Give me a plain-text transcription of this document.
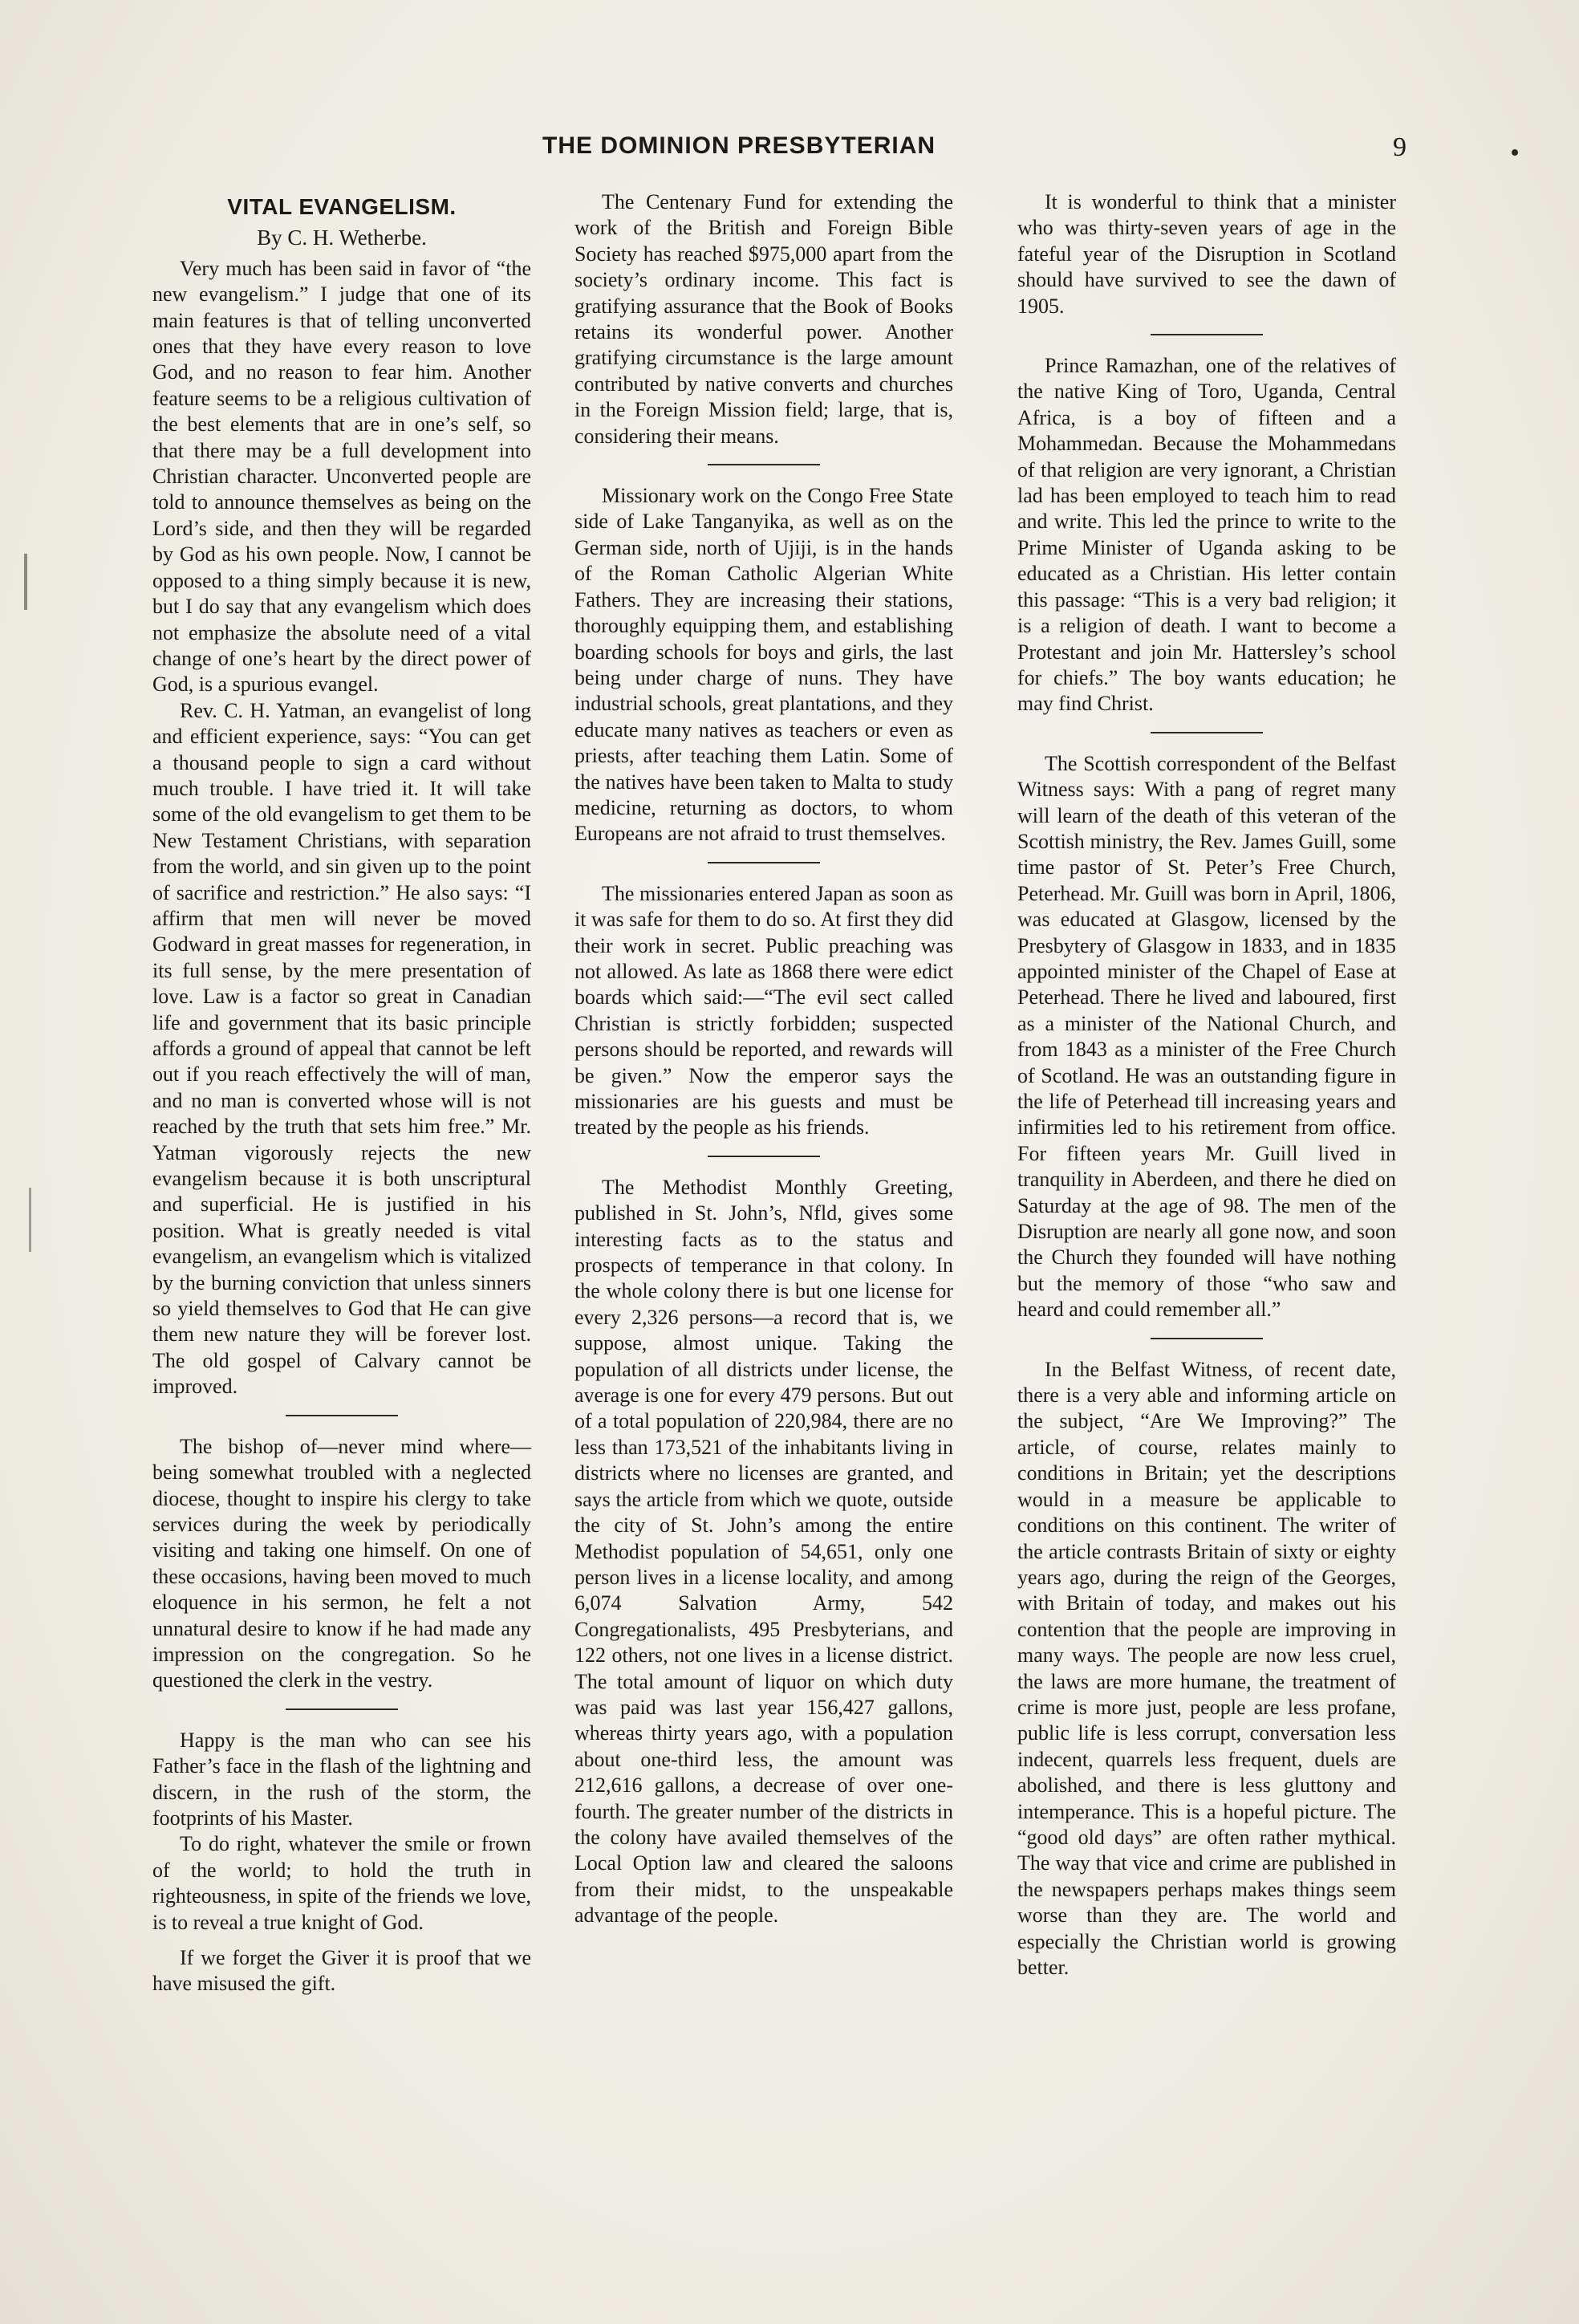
THE DOMINION PRESBYTERIAN	9

VITAL EVANGELISM.

By C. H. Wetherbe.

Very much has been said in favor of “the new evangelism.” I judge that one of its main features is that of telling unconverted ones that they have every reason to love God, and no reason to fear him. Another feature seems to be a religious cultivation of the best elements that are in one’s self, so that there may be a full development into Christian character. Unconverted people are told to announce themselves as being on the Lord’s side, and then they will be regarded by God as his own people. Now, I cannot be opposed to a thing simply because it is new, but I do say that any evangelism which does not emphasize the absolute need of a vital change of one’s heart by the direct power of God, is a spurious evangel.

Rev. C. H. Yatman, an evangelist of long and efficient experience, says: “You can get a thousand people to sign a card without much trouble. I have tried it. It will take some of the old evangelism to get them to be New Testament Christians, with separation from the world, and sin given up to the point of sacrifice and restriction.” He also says: “I affirm that men will never be moved Godward in great masses for regeneration, in its full sense, by the mere presentation of love. Law is a factor so great in Canadian life and government that its basic principle affords a ground of appeal that cannot be left out if you reach effectively the will of man, and no man is converted whose will is not reached by the truth that sets him free.” Mr. Yatman vigorously rejects the new evangelism because it is both unscriptural and superficial. He is justified in his position. What is greatly needed is vital evangelism, an evangelism which is vitalized by the burning conviction that unless sinners so yield themselves to God that He can give them new nature they will be forever lost. The old gospel of Calvary cannot be improved.

The bishop of—never mind where—being somewhat troubled with a neglected diocese, thought to inspire his clergy to take services during the week by periodically visiting and taking one himself. On one of these occasions, having been moved to much eloquence in his sermon, he felt a not unnatural desire to know if he had made any impression on the congregation. So he questioned the clerk in the vestry.

Happy is the man who can see his Father’s face in the flash of the lightning and discern, in the rush of the storm, the footprints of his Master.

To do right, whatever the smile or frown of the world; to hold the truth in righteousness, in spite of the friends we love, is to reveal a true knight of God.

If we forget the Giver it is proof that we have misused the gift.

The Centenary Fund for extending the work of the British and Foreign Bible Society has reached $975,000 apart from the society’s ordinary income. This fact is gratifying assurance that the Book of Books retains its wonderful power. Another gratifying circumstance is the large amount contributed by native converts and churches in the Foreign Mission field; large, that is, considering their means.

Missionary work on the Congo Free State side of Lake Tanganyika, as well as on the German side, north of Ujiji, is in the hands of the Roman Catholic Algerian White Fathers. They are increasing their stations, thoroughly equipping them, and establishing boarding schools for boys and girls, the last being under charge of nuns. They have industrial schools, great plantations, and they educate many natives as teachers or even as priests, after teaching them Latin. Some of the natives have been taken to Malta to study medicine, returning as doctors, to whom Europeans are not afraid to trust themselves.

The missionaries entered Japan as soon as it was safe for them to do so. At first they did their work in secret. Public preaching was not allowed. As late as 1868 there were edict boards which said:—“The evil sect called Christian is strictly forbidden; suspected persons should be reported, and rewards will be given.” Now the emperor says the missionaries are his guests and must be treated by the people as his friends.

The Methodist Monthly Greeting, published in St. John’s, Nfld, gives some interesting facts as to the status and prospects of temperance in that colony. In the whole colony there is but one license for every 2,326 persons—a record that is, we suppose, almost unique. Taking the population of all districts under license, the average is one for every 479 persons. But out of a total population of 220,984, there are no less than 173,521 of the inhabitants living in districts where no licenses are granted, and says the article from which we quote, outside the city of St. John’s among the entire Methodist population of 54,651, only one person lives in a license locality, and among 6,074 Salvation Army, 542 Congregationalists, 495 Presbyterians, and 122 others, not one lives in a license district. The total amount of liquor on which duty was paid was last year 156,427 gallons, whereas thirty years ago, with a population about one-third less, the amount was 212,616 gallons, a decrease of over one-fourth. The greater number of the districts in the colony have availed themselves of the Local Option law and cleared the saloons from their midst, to the unspeakable advantage of the people.

It is wonderful to think that a minister who was thirty-seven years of age in the fateful year of the Disruption in Scotland should have survived to see the dawn of 1905.

Prince Ramazhan, one of the relatives of the native King of Toro, Uganda, Central Africa, is a boy of fifteen and a Mohammedan. Because the Mohammedans of that religion are very ignorant, a Christian lad has been employed to teach him to read and write. This led the prince to write to the Prime Minister of Uganda asking to be educated as a Christian. His letter contain this passage: “This is a very bad religion; it is a religion of death. I want to become a Protestant and join Mr. Hattersley’s school for chiefs.” The boy wants education; he may find Christ.

The Scottish correspondent of the Belfast Witness says: With a pang of regret many will learn of the death of this veteran of the Scottish ministry, the Rev. James Guill, some time pastor of St. Peter’s Free Church, Peterhead. Mr. Guill was born in April, 1806, was educated at Glasgow, licensed by the Presbytery of Glasgow in 1833, and in 1835 appointed minister of the Chapel of Ease at Peterhead. There he lived and laboured, first as a minister of the National Church, and from 1843 as a minister of the Free Church of Scotland. He was an outstanding figure in the life of Peterhead till increasing years and infirmities led to his retirement from office. For fifteen years Mr. Guill lived in tranquility in Aberdeen, and there he died on Saturday at the age of 98. The men of the Disruption are nearly all gone now, and soon the Church they founded will have nothing but the memory of those “who saw and heard and could remember all.”

In the Belfast Witness, of recent date, there is a very able and informing article on the subject, “Are We Improving?” The article, of course, relates mainly to conditions in Britain; yet the descriptions would in a measure be applicable to conditions on this continent. The writer of the article contrasts Britain of sixty or eighty years ago, during the reign of the Georges, with Britain of today, and makes out his contention that the people are improving in many ways. The people are now less cruel, the laws are more humane, the treatment of crime is more just, people are less profane, public life is less corrupt, conversation less indecent, quarrels less frequent, duels are abolished, and there is less gluttony and intemperance. This is a hopeful picture. The “good old days” are often rather mythical. The way that vice and crime are published in the newspapers perhaps makes things seem worse than they are. The world and especially the Christian world is growing better.
